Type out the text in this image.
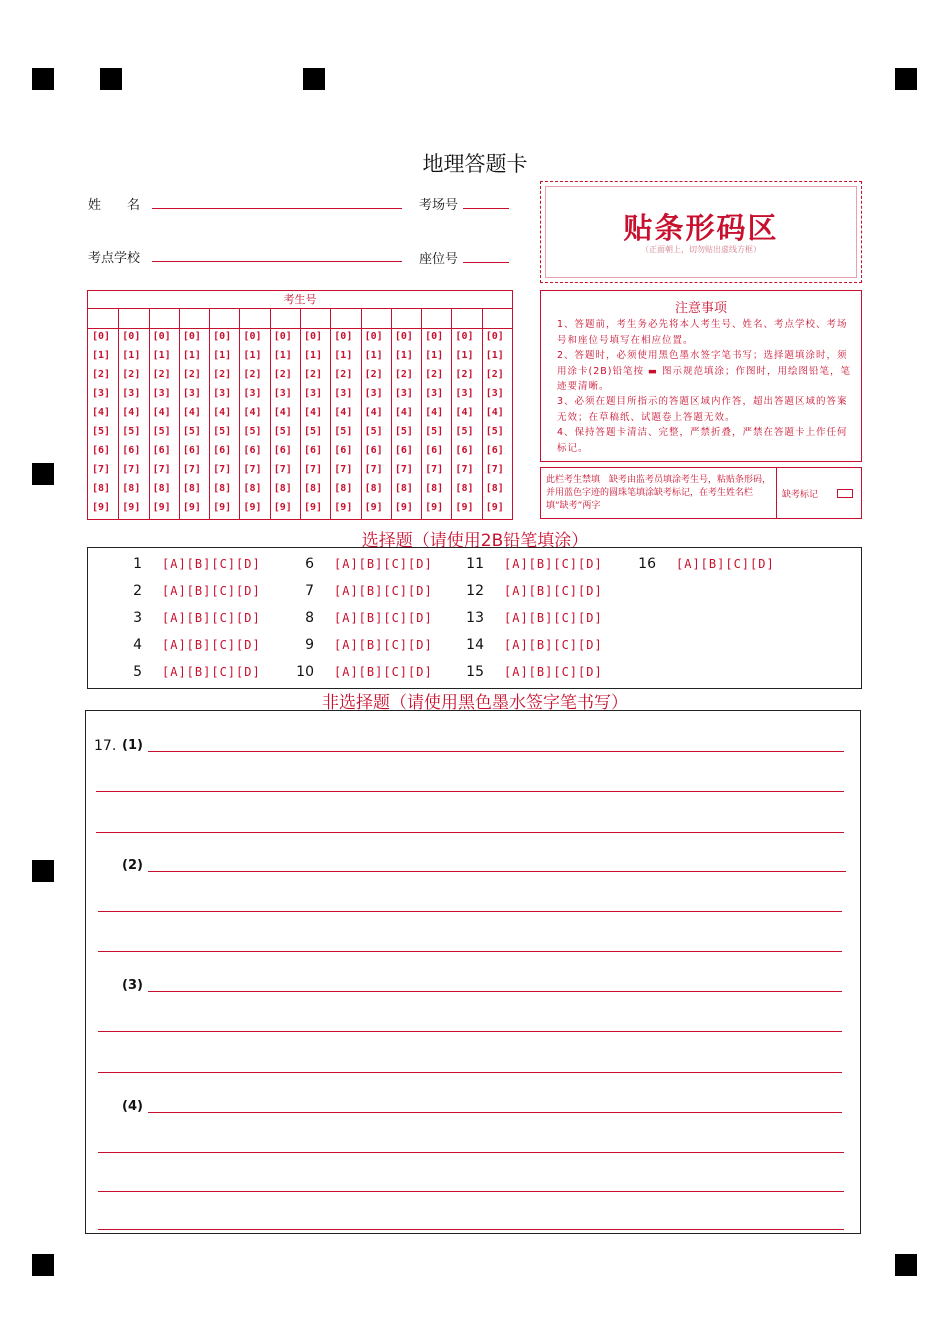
地理答题卡
姓　　名	考场号
考点学校	座位号
贴条形码区
（正面朝上，切勿贴出虚线方框）
考生号
[0]
[1]
[2]
[3]
[4]
[5]
[6]
[7]
[8]
[9]
[0]
[1]
[2]
[3]
[4]
[5]
[6]
[7]
[8]
[9]
[0]
[1]
[2]
[3]
[4]
[5]
[6]
[7]
[8]
[9]
[0]
[1]
[2]
[3]
[4]
[5]
[6]
[7]
[8]
[9]
[0]
[1]
[2]
[3]
[4]
[5]
[6]
[7]
[8]
[9]
[0]
[1]
[2]
[3]
[4]
[5]
[6]
[7]
[8]
[9]
[0]
[1]
[2]
[3]
[4]
[5]
[6]
[7]
[8]
[9]
[0]
[1]
[2]
[3]
[4]
[5]
[6]
[7]
[8]
[9]
[0]
[1]
[2]
[3]
[4]
[5]
[6]
[7]
[8]
[9]
[0]
[1]
[2]
[3]
[4]
[5]
[6]
[7]
[8]
[9]
[0]
[1]
[2]
[3]
[4]
[5]
[6]
[7]
[8]
[9]
[0]
[1]
[2]
[3]
[4]
[5]
[6]
[7]
[8]
[9]
[0]
[1]
[2]
[3]
[4]
[5]
[6]
[7]
[8]
[9]
[0]
[1]
[2]
[3]
[4]
[5]
[6]
[7]
[8]
[9]
注意事项
1、答题前，考生务必先将本人考生号、姓名、考点学校、考场号和座位号填写在相应位置。
2、答题时，必须使用黑色墨水签字笔书写；选择题填涂时，须用涂卡(2B)铅笔按 ▬ 图示规范填涂；作图时，用绘图铅笔，笔迹要清晰。
3、必须在题目所指示的答题区域内作答，超出答题区域的答案无效；在草稿纸、试题卷上答题无效。
4、保持答题卡清洁、完整，严禁折叠，严禁在答题卡上作任何标记。
此栏考生禁填　缺考由监考员填涂考生号，粘贴条形码，并用蓝色字迹的圆珠笔填涂缺考标记，在考生姓名栏填“缺考”两字
缺考标记
选择题（请使用2B铅笔填涂）
1 [A][B][C][D]
2 [A][B][C][D]
3 [A][B][C][D]
4 [A][B][C][D]
5 [A][B][C][D]
6 [A][B][C][D]
7 [A][B][C][D]
8 [A][B][C][D]
9 [A][B][C][D]
10 [A][B][C][D]
11 [A][B][C][D]
12 [A][B][C][D]
13 [A][B][C][D]
14 [A][B][C][D]
15 [A][B][C][D]
16 [A][B][C][D]
非选择题（请使用黑色墨水签字笔书写）
17. (1)
(2)
(3)
(4)
